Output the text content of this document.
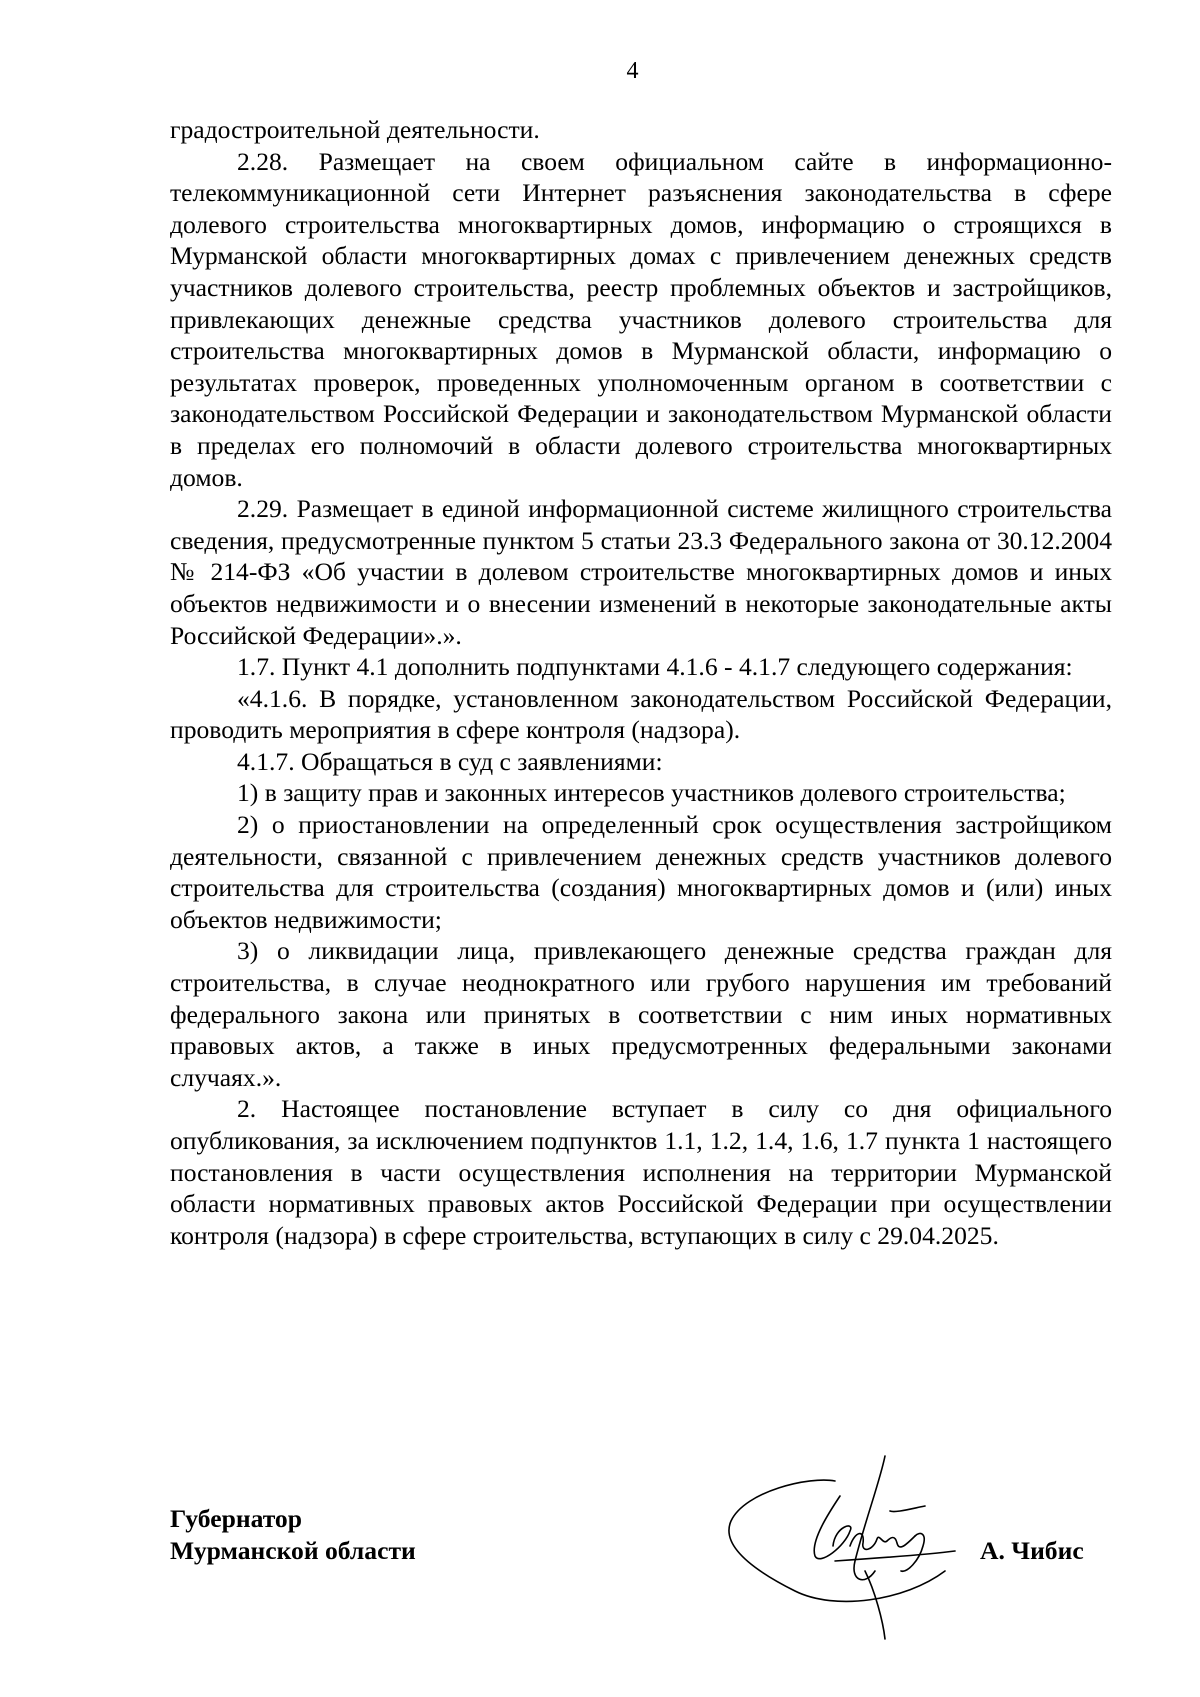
4

градостроительной деятельности.

2.28. Размещает на своем официальном сайте в информационно-телекоммуникационной сети Интернет разъяснения законодательства в сфере долевого строительства многоквартирных домов, информацию о строящихся в Мурманской области многоквартирных домах с привлечением денежных средств участников долевого строительства, реестр проблемных объектов и застройщиков, привлекающих денежные средства участников долевого строительства для строительства многоквартирных домов в Мурманской области, информацию о результатах проверок, проведенных уполномоченным органом в соответствии с законодательством Российской Федерации и законодательством Мурманской области в пределах его полномочий в области долевого строительства многоквартирных домов.

2.29. Размещает в единой информационной системе жилищного строительства сведения, предусмотренные пунктом 5 статьи 23.3 Федерального закона от 30.12.2004 № 214-ФЗ «Об участии в долевом строительстве многоквартирных домов и иных объектов недвижимости и о внесении изменений в некоторые законодательные акты Российской Федерации».».

1.7. Пункт 4.1 дополнить подпунктами 4.1.6 - 4.1.7 следующего содержания:

«4.1.6. В порядке, установленном законодательством Российской Федерации, проводить мероприятия в сфере контроля (надзора).

4.1.7. Обращаться в суд с заявлениями:

1) в защиту прав и законных интересов участников долевого строительства;

2) о приостановлении на определенный срок осуществления застройщиком деятельности, связанной с привлечением денежных средств участников долевого строительства для строительства (создания) многоквартирных домов и (или) иных объектов недвижимости;

3) о ликвидации лица, привлекающего денежные средства граждан для строительства, в случае неоднократного или грубого нарушения им требований федерального закона или принятых в соответствии с ним иных нормативных правовых актов, а также в иных предусмотренных федеральными законами случаях.».

2. Настоящее постановление вступает в силу со дня официального опубликования, за исключением подпунктов 1.1, 1.2, 1.4, 1.6, 1.7 пункта 1 настоящего постановления в части осуществления исполнения на территории Мурманской области нормативных правовых актов Российской Федерации при осуществлении контроля (надзора) в сфере строительства, вступающих в силу с 29.04.2025.

Губернатор
Мурманской области	А. Чибис
